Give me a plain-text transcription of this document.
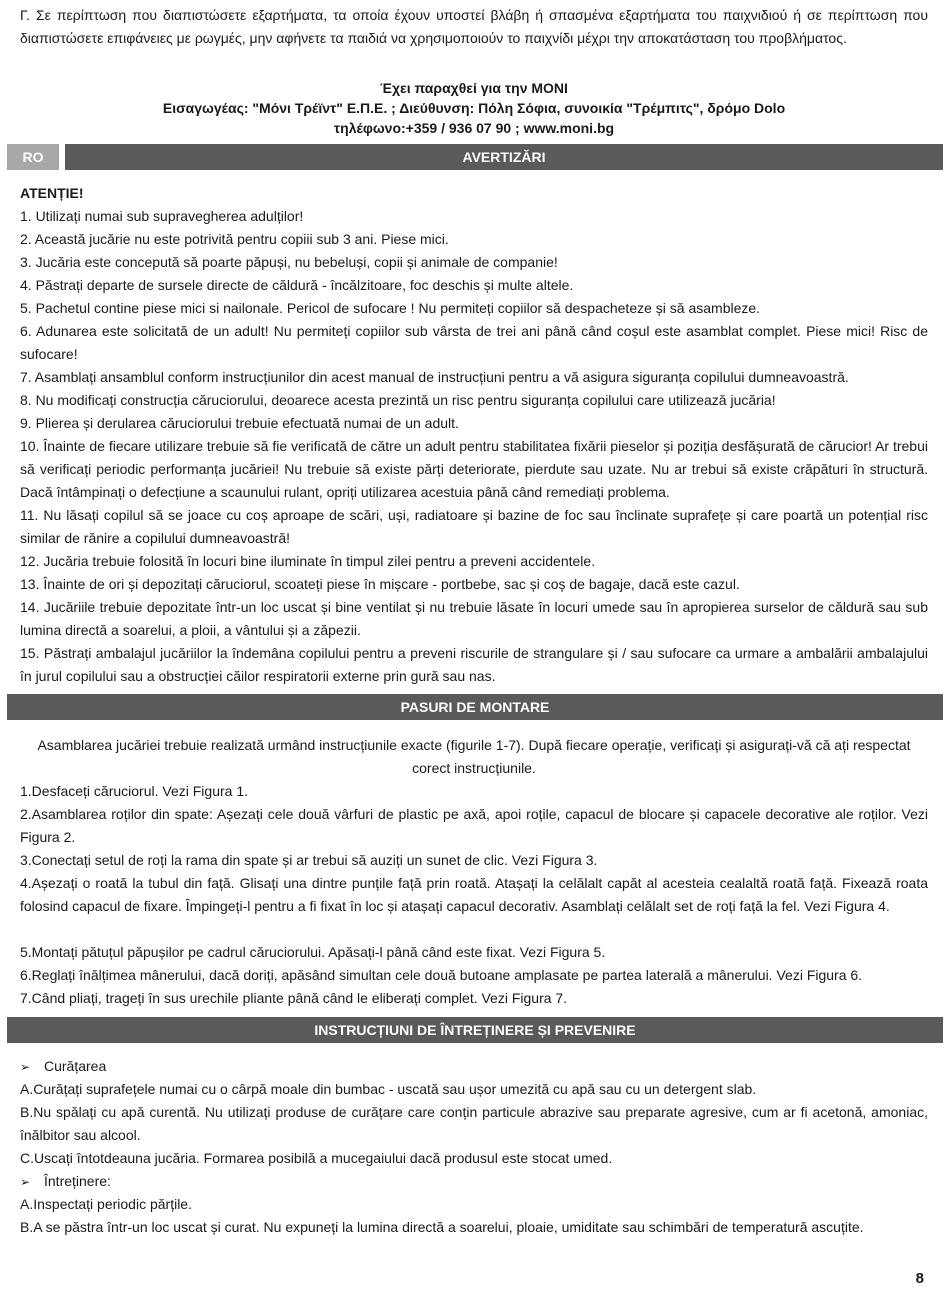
Γ. Σε περίπτωση που διαπιστώσετε εξαρτήματα, τα οποία έχουν υποστεί βλάβη ή σπασμένα εξαρτήματα του παιχνιδιού ή σε περίπτωση που διαπιστώσετε επιφάνειες με ρωγμές, μην αφήνετε τα παιδιά να χρησιμοποιούν το παιχνίδι μέχρι την αποκατάσταση του προβλήματος.

Έχει παραχθεί για την MONI

Εισαγωγέας: "Μόνι Τρέϊντ" Ε.Π.Ε. ; Διεύθυνση: Πόλη Σόφια, συνοικία "Τρέμπιτς", δρόμο Dolo

τηλέφωνο:+359 / 936 07 90 ; www.moni.bg

RO	AVERTIZĂRI

ATENȚIE!

1. Utilizați numai sub supravegherea adulților!

2. Această jucărie nu este potrivită pentru copiii sub 3 ani. Piese mici.

3. Jucăria este concepută să poarte păpuși, nu bebeluși, copii și animale de companie!

4. Păstrați departe de sursele directe de căldură - încălzitoare, foc deschis și multe altele.

5. Pachetul contine piese mici si nailonale. Pericol de sufocare ! Nu permiteți copiilor să despacheteze și să asambleze.

6. Adunarea este solicitată de un adult! Nu permiteți copiilor sub vârsta de trei ani până când coșul este asamblat complet. Piese mici! Risc de sufocare!

7. Asamblați ansamblul conform instrucțiunilor din acest manual de instrucțiuni pentru a vă asigura siguranța copilului dumneavoastră.

8. Nu modificați construcția căruciorului, deoarece acesta prezintă un risc pentru siguranța copilului care utilizează jucăria!

9. Plierea și derularea căruciorului trebuie efectuată numai de un adult.

10. Înainte de fiecare utilizare trebuie să fie verificată de către un adult pentru stabilitatea fixării pieselor și poziția desfășurată de cărucior! Ar trebui să verificați periodic performanța jucăriei! Nu trebuie să existe părți deteriorate, pierdute sau uzate. Nu ar trebui să existe crăpături în structură. Dacă întâmpinați o defecțiune a scaunului rulant, opriți utilizarea acestuia până când remediați problema.

11. Nu lăsați copilul să se joace cu coș aproape de scări, uși, radiatoare și bazine de foc sau înclinate suprafețe și care poartă un potențial risc similar de rănire a copilului dumneavoastră!

12. Jucăria trebuie folosită în locuri bine iluminate în timpul zilei pentru a preveni accidentele.

13. Înainte de ori și depozitați căruciorul, scoateți piese în mișcare - portbebe, sac și coș de bagaje, dacă este cazul.

14. Jucăriile trebuie depozitate într-un loc uscat și bine ventilat și nu trebuie lăsate în locuri umede sau în apropierea surselor de căldură sau sub lumina directă a soarelui, a ploii, a vântului și a zăpezii.

15. Păstrați ambalajul jucăriilor la îndemâna copilului pentru a preveni riscurile de strangulare și / sau sufocare ca urmare a ambalării ambalajului în jurul copilului sau a obstrucției căilor respiratorii externe prin gură sau nas.

PASURI DE MONTARE

Asamblarea jucăriei trebuie realizată urmând instrucțiunile exacte (figurile 1-7). După fiecare operație, verificați și asigurați-vă că ați respectat corect instrucțiunile.

1.Desfaceți căruciorul. Vezi Figura 1.

2.Asamblarea roților din spate: Așezați cele două vârfuri de plastic pe axă, apoi roțile, capacul de blocare și capacele decorative ale roților. Vezi Figura 2.

3.Conectați setul de roți la rama din spate și ar trebui să auziți un sunet de clic. Vezi Figura 3.

4.Așezați o roată la tubul din față. Glisați una dintre punțile față prin roată. Atașați la celălalt capăt al acesteia cealaltă roată față. Fixează roata folosind capacul de fixare. Împingeți-l pentru a fi fixat în loc și atașați capacul decorativ. Asamblați celălalt set de roți față la fel. Vezi Figura 4.

5.Montați pătuțul păpușilor pe cadrul căruciorului. Apăsați-l până când este fixat. Vezi Figura 5.

6.Reglați înălțimea mânerului, dacă doriți, apăsând simultan cele două butoane amplasate pe partea laterală a mânerului. Vezi Figura 6.

7.Când pliați, trageți în sus urechile pliante până când le eliberați complet. Vezi Figura 7.

INSTRUCȚIUNI DE ÎNTREȚINERE ȘI PREVENIRE
➢ Curățarea

A.Curățați suprafețele numai cu o cârpă moale din bumbac - uscată sau ușor umezită cu apă sau cu un detergent slab.

B.Nu spălați cu apă curentă. Nu utilizați produse de curățare care conțin particule abrazive sau preparate agresive, cum ar fi acetonă, amoniac, înălbitor sau alcool.

C.Uscați întotdeauna jucăria. Formarea posibilă a mucegaiului dacă produsul este stocat umed.

➢ Întreținere:

A.Inspectați periodic părțile.

B.A se păstra într-un loc uscat și curat. Nu expuneți la lumina directă a soarelui, ploaie, umiditate sau schimbări de temperatură ascuțite.

8
